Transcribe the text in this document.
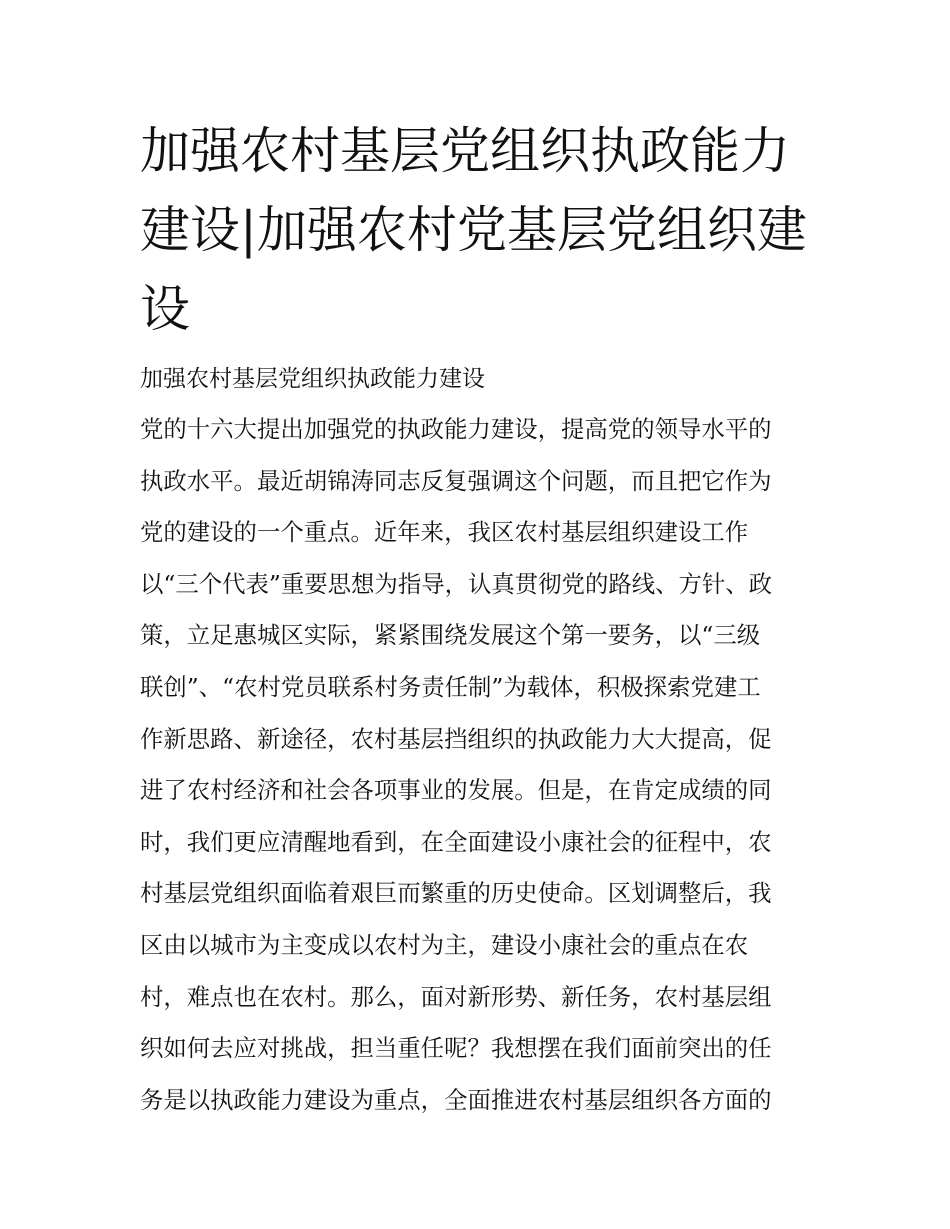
加强农村基层党组织执政能力建设|加强农村党基层党组织建设

加强农村基层党组织执政能力建设

党的十六大提出加强党的执政能力建设，提高党的领导水平的
执政水平。最近胡锦涛同志反复强调这个问题，而且把它作为
党的建设的一个重点。近年来，我区农村基层组织建设工作
以“三个代表”重要思想为指导，认真贯彻党的路线、方针、政
策，立足惠城区实际，紧紧围绕发展这个第一要务，以“三级
联创”、“农村党员联系村务责任制”为载体，积极探索党建工
作新思路、新途径，农村基层挡组织的执政能力大大提高，促
进了农村经济和社会各项事业的发展。但是，在肯定成绩的同
时，我们更应清醒地看到，在全面建设小康社会的征程中，农
村基层党组织面临着艰巨而繁重的历史使命。区划调整后，我
区由以城市为主变成以农村为主，建设小康社会的重点在农
村，难点也在农村。那么，面对新形势、新任务，农村基层组
织如何去应对挑战，担当重任呢？我想摆在我们面前突出的任
务是以执政能力建设为重点，全面推进农村基层组织各方面的
